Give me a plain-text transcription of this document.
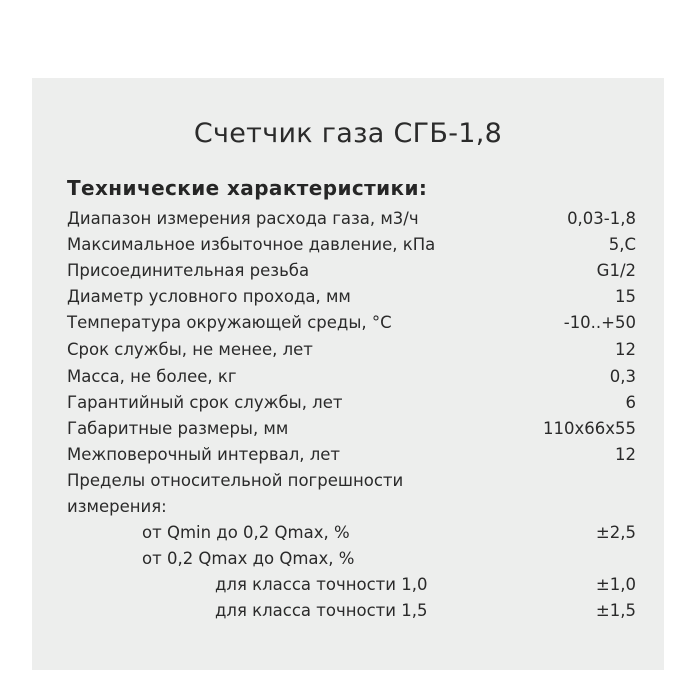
Счетчик газа СГБ-1,8
Технические характеристики:
Диапазон измерения расхода газа, м3/ч	0,03-1,8
Максимальное избыточное давление, кПа	5,С
Присоединительная резьба	G1/2
Диаметр условного прохода, мм	15
Температура окружающей среды, °С	-10..+50
Срок службы, не менее, лет	12
Масса, не более, кг	0,3
Гарантийный срок службы, лет	6
Габаритные размеры, мм	110х66х55
Межповерочный интервал, лет	12
Пределы относительной погрешности
измерения:
от Qmin до 0,2 Qmax, %	±2,5
от 0,2 Qmax до Qmax, %
для класса точности 1,0	±1,0
для класса точности 1,5	±1,5
